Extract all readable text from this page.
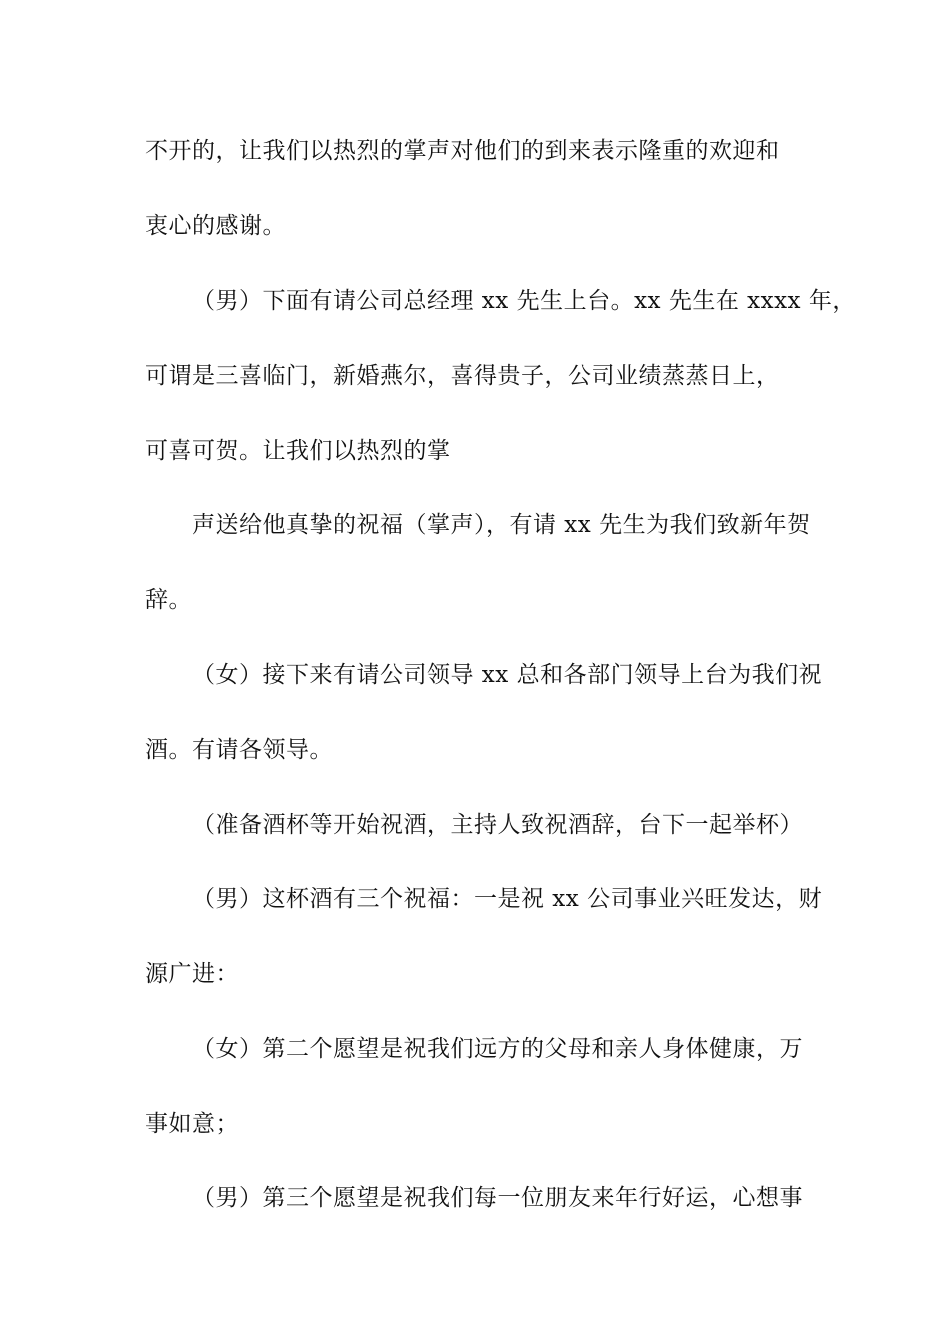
不开的，让我们以热烈的掌声对他们的到来表示隆重的欢迎和

衷心的感谢。

（男）下面有请公司总经理 xx 先生上台。xx 先生在 xxxx 年，

可谓是三喜临门，新婚燕尔，喜得贵子，公司业绩蒸蒸日上，

可喜可贺。让我们以热烈的掌

声送给他真挚的祝福（掌声），有请 xx 先生为我们致新年贺

辞。

（女）接下来有请公司领导 xx 总和各部门领导上台为我们祝

酒。有请各领导。

（准备酒杯等开始祝酒，主持人致祝酒辞，台下一起举杯）

（男）这杯酒有三个祝福：一是祝 xx 公司事业兴旺发达，财

源广进：

（女）第二个愿望是祝我们远方的父母和亲人身体健康，万

事如意；

（男）第三个愿望是祝我们每一位朋友来年行好运，心想事
